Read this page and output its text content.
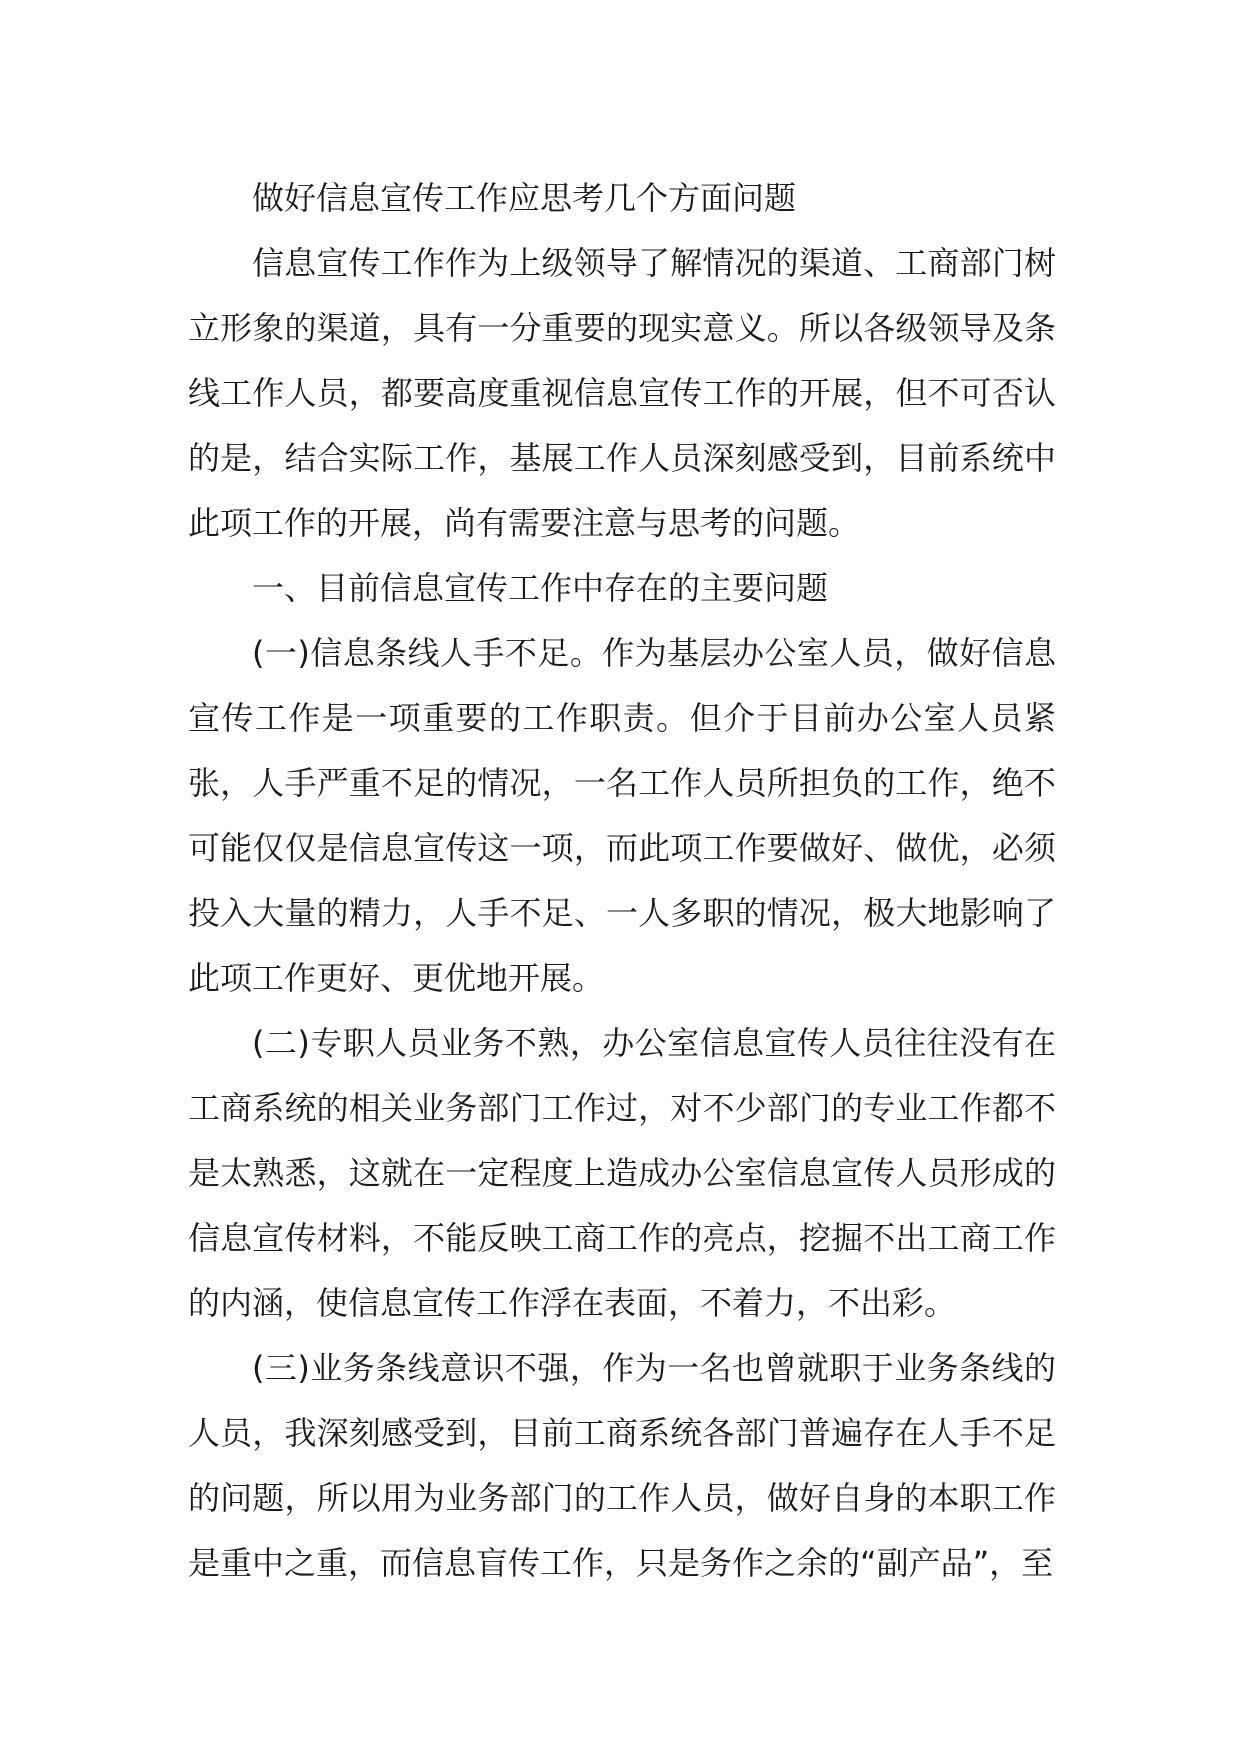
做好信息宣传工作应思考几个方面问题

信息宣传工作作为上级领导了解情况的渠道、工商部门树立形象的渠道，具有一分重要的现实意义。所以各级领导及条线工作人员，都要高度重视信息宣传工作的开展，但不可否认的是，结合实际工作，基展工作人员深刻感受到，目前系统中此项工作的开展，尚有需要注意与思考的问题。

一、目前信息宣传工作中存在的主要问题

(一)信息条线人手不足。作为基层办公室人员，做好信息宣传工作是一项重要的工作职责。但介于目前办公室人员紧张，人手严重不足的情况，一名工作人员所担负的工作，绝不可能仅仅是信息宣传这一项，而此项工作要做好、做优，必须投入大量的精力，人手不足、一人多职的情况，极大地影响了此项工作更好、更优地开展。

(二)专职人员业务不熟，办公室信息宣传人员往往没有在工商系统的相关业务部门工作过，对不少部门的专业工作都不是太熟悉，这就在一定程度上造成办公室信息宣传人员形成的信息宣传材料，不能反映工商工作的亮点，挖掘不出工商工作的内涵，使信息宣传工作浮在表面，不着力，不出彩。

(三)业务条线意识不强，作为一名也曾就职于业务条线的人员，我深刻感受到，目前工商系统各部门普遍存在人手不足的问题，所以用为业务部门的工作人员，做好自身的本职工作是重中之重，而信息盲传工作，只是务作之余的“副产品”，至
